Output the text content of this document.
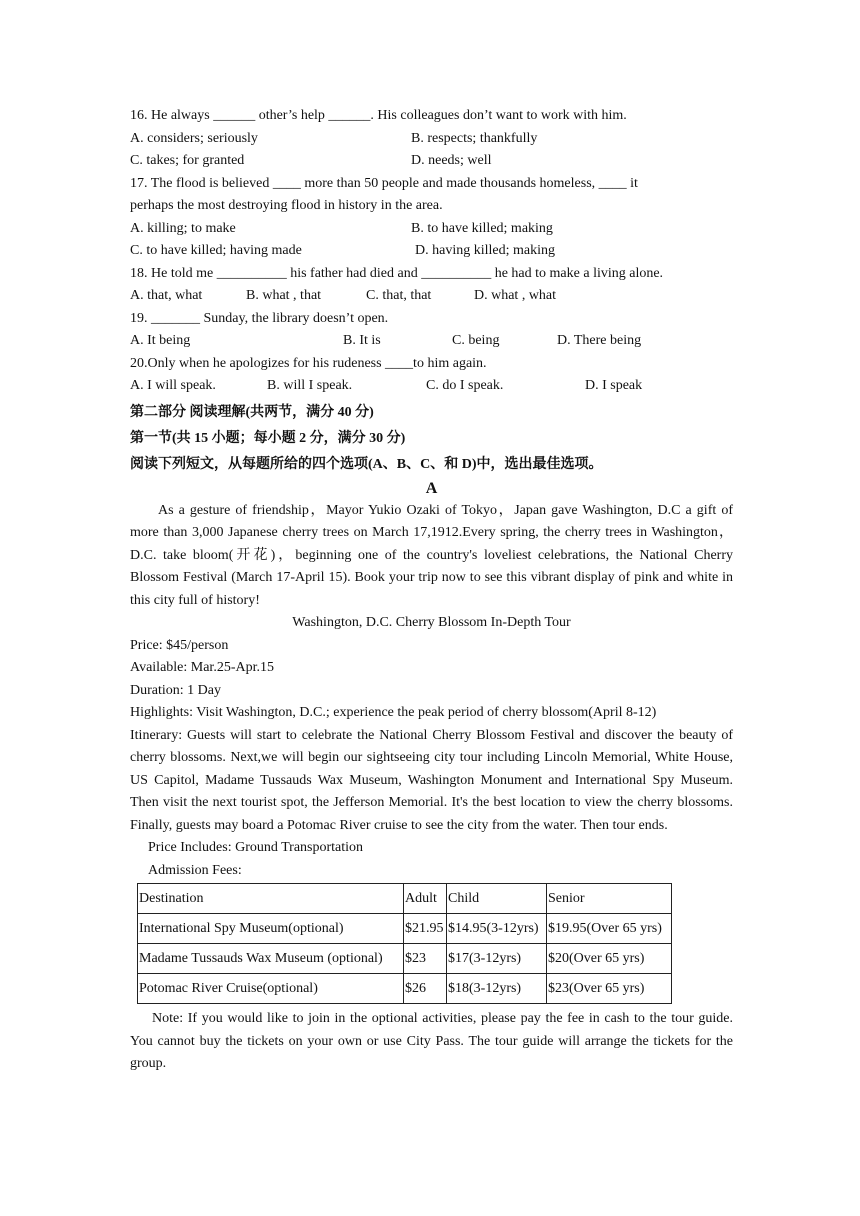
16. He always ______ other’s help ______. His colleagues don’t want to work with him.
A. considers; seriously	B. respects; thankfully
C. takes; for granted	D. needs; well
17. The flood is believed ____ more than 50 people and made thousands homeless, ____ it
perhaps the most destroying flood in history in the area.
A. killing; to make	B. to have killed; making
C. to have killed; having made	D. having killed; making
18. He told me __________ his father had died and __________ he had to make a living alone.
A. that, what	B. what , that	C. that, that	D. what , what
19. _______ Sunday, the library doesn’t open.
A. It being	B. It is	C. being	D. There being
20.Only when he apologizes for his rudeness ____to him again.
A. I will speak.	B. will I speak.	C. do I speak.	D. I speak
第二部分 阅读理解(共两节，满分 40 分)
第一节(共 15 小题；每小题 2 分，满分 30 分)
阅读下列短文，从每题所给的四个选项(A、B、C、和 D)中，选出最佳选项。
A

As a gesture of friendship，Mayor Yukio Ozaki of Tokyo，Japan gave Washington, D.C a gift of more than 3,000 Japanese cherry trees on March 17,1912.Every spring, the cherry trees in Washington，D.C. take bloom(开花)，beginning one of the country's loveliest celebrations, the National Cherry Blossom Festival (March 17-April 15). Book your trip now to see this vibrant display of pink and white in this city full of history!

Washington, D.C. Cherry Blossom In-Depth Tour
Price: $45/person
Available: Mar.25-Apr.15
Duration: 1 Day
Highlights: Visit Washington, D.C.; experience the peak period of cherry blossom(April 8-12)

Itinerary: Guests will start to celebrate the National Cherry Blossom Festival and discover the beauty of cherry blossoms. Next,we will begin our sightseeing city tour including Lincoln Memorial, White House, US Capitol, Madame Tussauds Wax Museum, Washington Monument and International Spy Museum. Then visit the next tourist spot, the Jefferson Memorial. It's the best location to view the cherry blossoms. Finally, guests may board a Potomac River cruise to see the city from the water. Then tour ends.

Price Includes: Ground Transportation
Admission Fees:
Destination	Adult	Child	Senior
International Spy Museum(optional)	$21.95	$14.95(3-12yrs)	$19.95(Over 65 yrs)
Madame Tussauds Wax Museum (optional)	$23	$17(3-12yrs)	$20(Over 65 yrs)
Potomac River Cruise(optional)	$26	$18(3-12yrs)	$23(Over 65 yrs)

Note: If you would like to join in the optional activities, please pay the fee in cash to the tour guide. You cannot buy the tickets on your own or use City Pass. The tour guide will arrange the tickets for the group.
